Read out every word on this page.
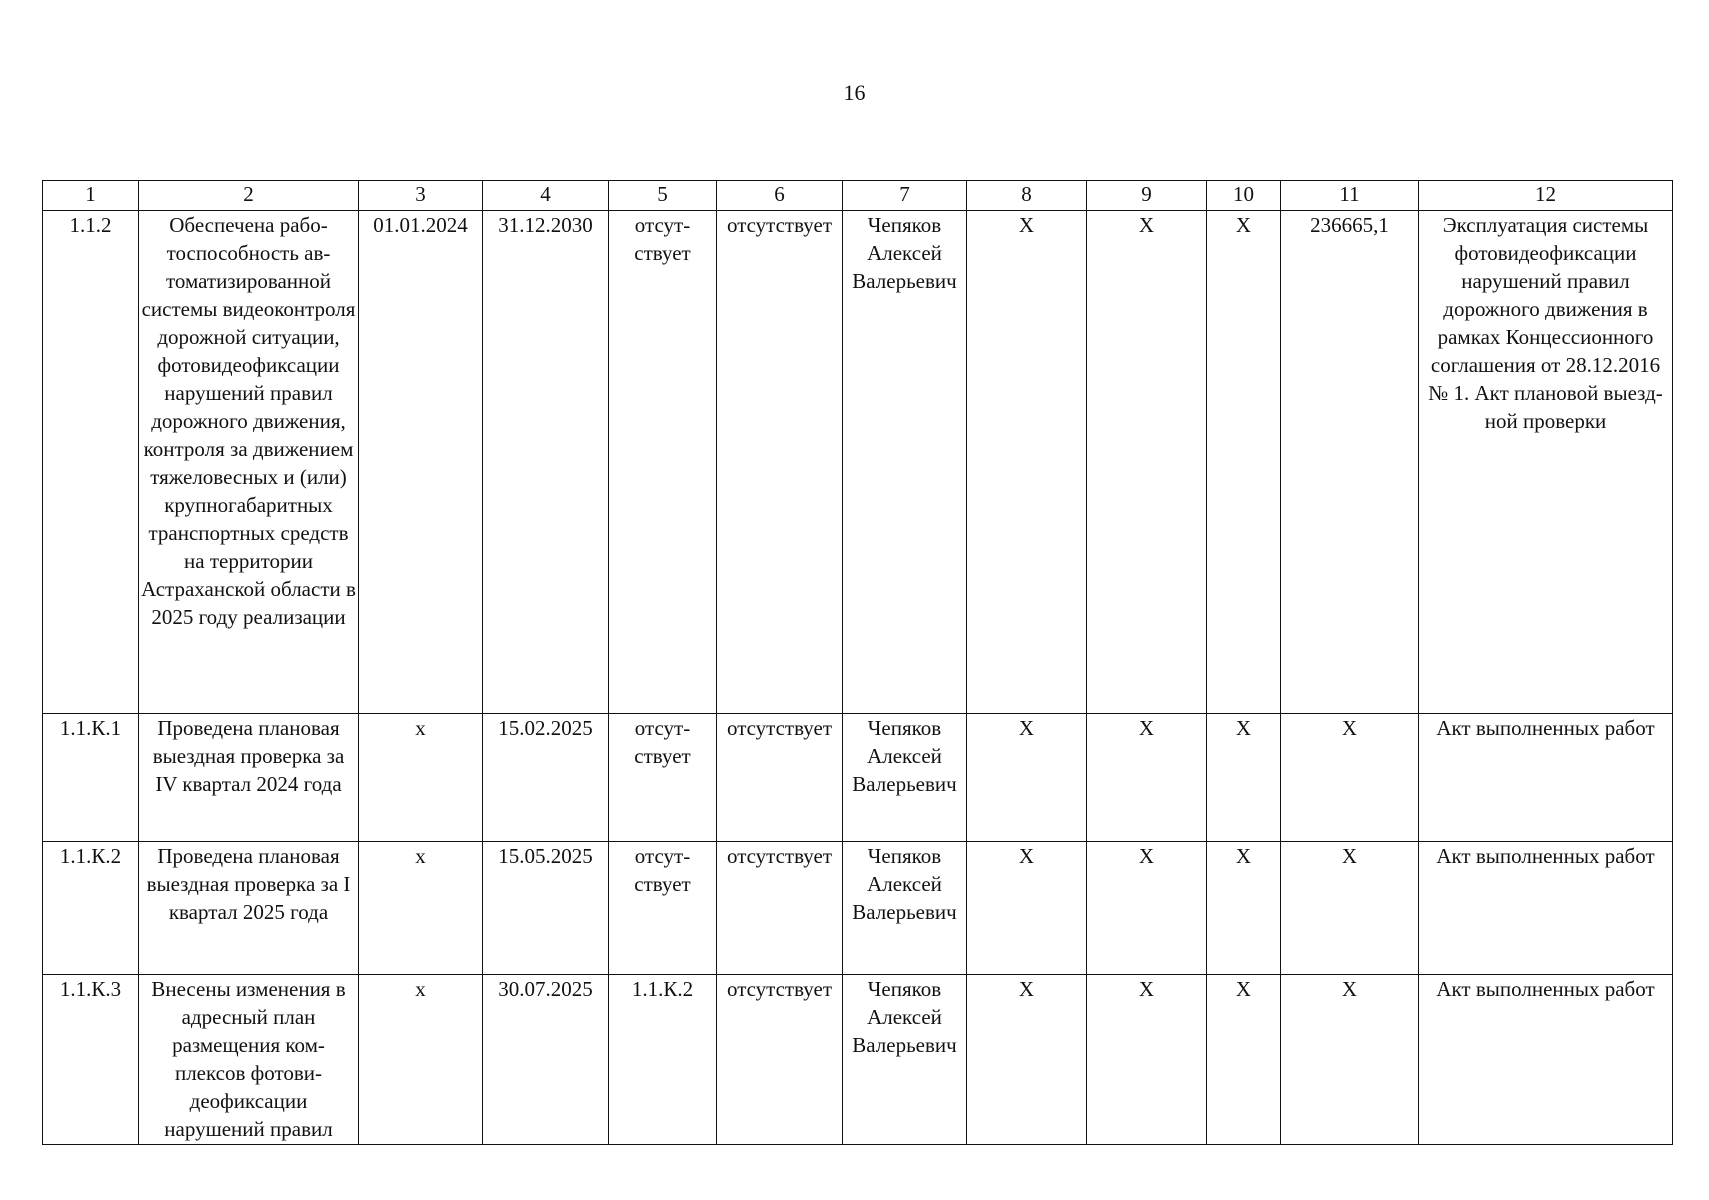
16
1	2	3	4	5	6	7	8	9	10	11	12
1.1.2	Обеспечена работоспособность автоматизированной системы видеоконтроля дорожной ситуации, фотовидеофиксации нарушений правил дорожного движения, контроля за движением тяжеловесных и (или) крупногабаритных транспортных средств на территории Астраханской области в 2025 году реализации	01.01.2024	31.12.2030	отсутствует	отсутствует	Чепяков Алексей Валерьевич	X	X	X	236665,1	Эксплуатация системы фотовидеофиксации нарушений правил дорожного движения в рамках Концессионного соглашения от 28.12.2016 № 1. Акт плановой выездной проверки
1.1.К.1	Проведена плановая выездная проверка за IV квартал 2024 года	х	15.02.2025	отсутствует	отсутствует	Чепяков Алексей Валерьевич	X	X	X	X	Акт выполненных работ
1.1.К.2	Проведена плановая выездная проверка за I квартал 2025 года	х	15.05.2025	отсутствует	отсутствует	Чепяков Алексей Валерьевич	X	X	X	X	Акт выполненных работ
1.1.К.3	Внесены изменения в адресный план размещения комплексов фотовидеофиксации нарушений правил	х	30.07.2025	1.1.К.2	отсутствует	Чепяков Алексей Валерьевич	X	X	X	X	Акт выполненных работ
